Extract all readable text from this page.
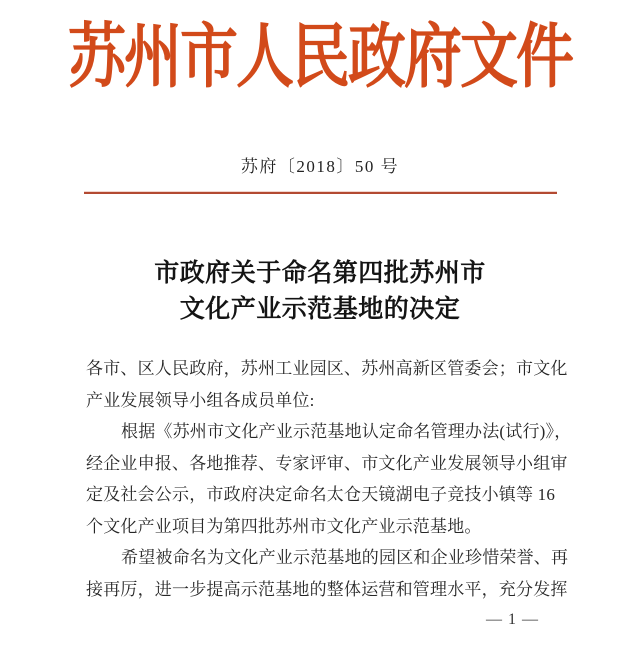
苏州市人民政府文件
苏府〔2018〕50 号
市政府关于命名第四批苏州市
文化产业示范基地的决定
各市、区人民政府，苏州工业园区、苏州高新区管委会；市文化
产业发展领导小组各成员单位:
根据《苏州市文化产业示范基地认定命名管理办法(试行)》，
经企业申报、各地推荐、专家评审、市文化产业发展领导小组审
定及社会公示，市政府决定命名太仓天镜湖电子竞技小镇等 16
个文化产业项目为第四批苏州市文化产业示范基地。
希望被命名为文化产业示范基地的园区和企业珍惜荣誉、再
接再厉，进一步提高示范基地的整体运营和管理水平，充分发挥
— 1 —
